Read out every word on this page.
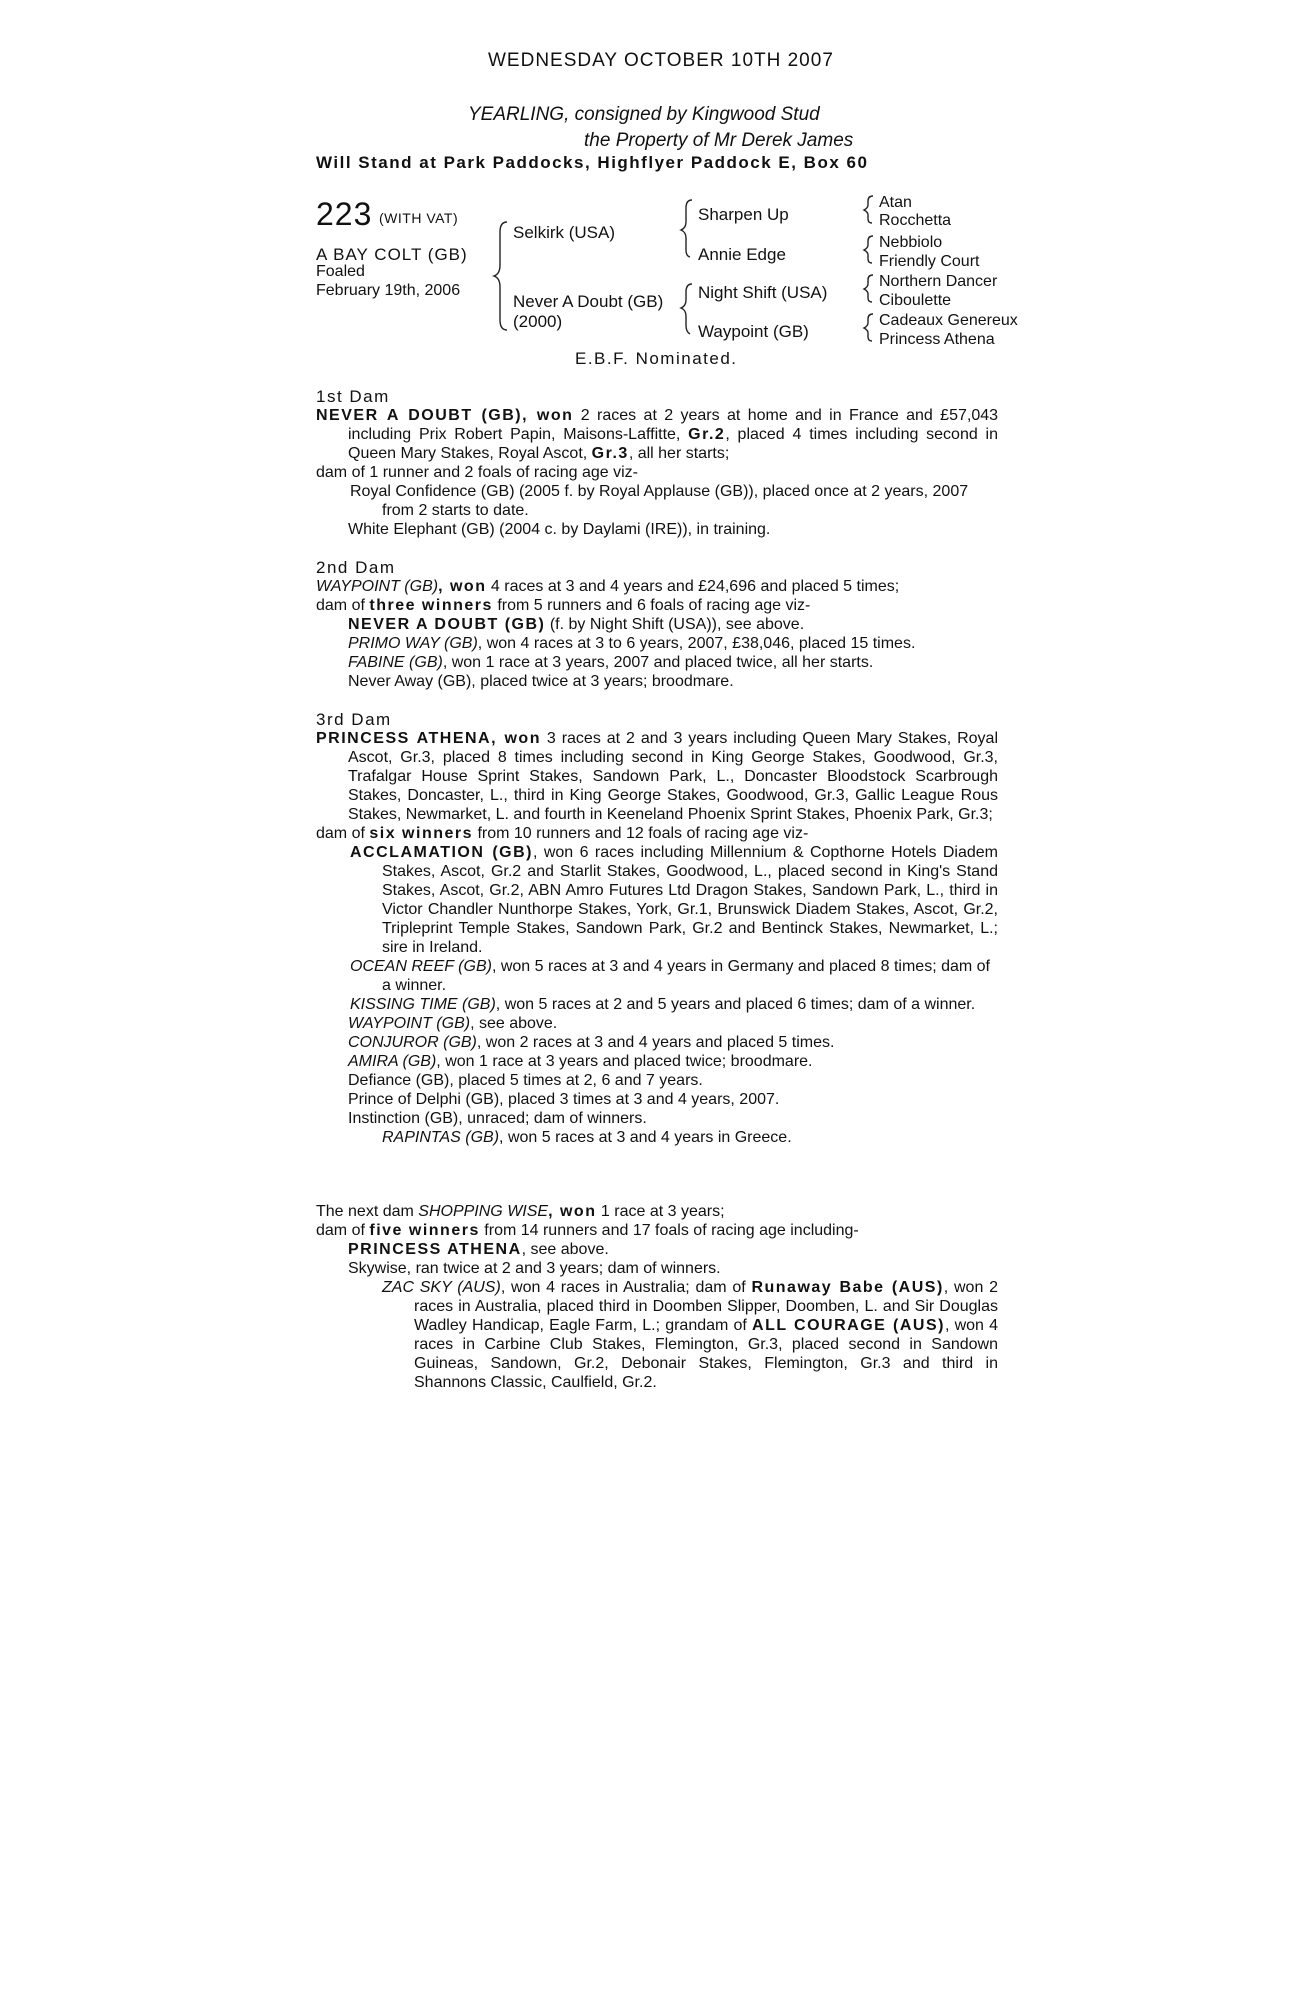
WEDNESDAY OCTOBER 10TH 2007
YEARLING, consigned by Kingwood Stud
the Property of Mr Derek James
Will Stand at Park Paddocks, Highflyer Paddock E, Box 60
223 (WITH VAT)
A BAY COLT (GB)
Foaled
February 19th, 2006
Selkirk (USA)
Never A Doubt (GB)
(2000)
Sharpen Up
Annie Edge
Night Shift (USA)
Waypoint (GB)
Atan
Rocchetta
Nebbiolo
Friendly Court
Northern Dancer
Ciboulette
Cadeaux Genereux
Princess Athena
E.B.F. Nominated.

1st Dam

NEVER A DOUBT (GB), won 2 races at 2 years at home and in France and £57,043 including Prix Robert Papin, Maisons-Laffitte, Gr.2, placed 4 times including second in Queen Mary Stakes, Royal Ascot, Gr.3, all her starts;

dam of 1 runner and 2 foals of racing age viz-

Royal Confidence (GB) (2005 f. by Royal Applause (GB)), placed once at 2 years, 2007 from 2 starts to date.

White Elephant (GB) (2004 c. by Daylami (IRE)), in training.

2nd Dam

WAYPOINT (GB), won 4 races at 3 and 4 years and £24,696 and placed 5 times;

dam of three winners from 5 runners and 6 foals of racing age viz-

NEVER A DOUBT (GB) (f. by Night Shift (USA)), see above.

PRIMO WAY (GB), won 4 races at 3 to 6 years, 2007, £38,046, placed 15 times.

FABINE (GB), won 1 race at 3 years, 2007 and placed twice, all her starts.

Never Away (GB), placed twice at 3 years; broodmare.

3rd Dam

PRINCESS ATHENA, won 3 races at 2 and 3 years including Queen Mary Stakes, Royal Ascot, Gr.3, placed 8 times including second in King George Stakes, Goodwood, Gr.3, Trafalgar House Sprint Stakes, Sandown Park, L., Doncaster Bloodstock Scarbrough Stakes, Doncaster, L., third in King George Stakes, Goodwood, Gr.3, Gallic League Rous Stakes, Newmarket, L. and fourth in Keeneland Phoenix Sprint Stakes, Phoenix Park, Gr.3;

dam of six winners from 10 runners and 12 foals of racing age viz-

ACCLAMATION (GB), won 6 races including Millennium & Copthorne Hotels Diadem Stakes, Ascot, Gr.2 and Starlit Stakes, Goodwood, L., placed second in King's Stand Stakes, Ascot, Gr.2, ABN Amro Futures Ltd Dragon Stakes, Sandown Park, L., third in Victor Chandler Nunthorpe Stakes, York, Gr.1, Brunswick Diadem Stakes, Ascot, Gr.2, Tripleprint Temple Stakes, Sandown Park, Gr.2 and Bentinck Stakes, Newmarket, L.; sire in Ireland.

OCEAN REEF (GB), won 5 races at 3 and 4 years in Germany and placed 8 times; dam of a winner.

KISSING TIME (GB), won 5 races at 2 and 5 years and placed 6 times; dam of a winner.

WAYPOINT (GB), see above.

CONJUROR (GB), won 2 races at 3 and 4 years and placed 5 times.

AMIRA (GB), won 1 race at 3 years and placed twice; broodmare.

Defiance (GB), placed 5 times at 2, 6 and 7 years.

Prince of Delphi (GB), placed 3 times at 3 and 4 years, 2007.

Instinction (GB), unraced; dam of winners.

RAPINTAS (GB), won 5 races at 3 and 4 years in Greece.

The next dam SHOPPING WISE, won 1 race at 3 years;

dam of five winners from 14 runners and 17 foals of racing age including-

PRINCESS ATHENA, see above.

Skywise, ran twice at 2 and 3 years; dam of winners.

ZAC SKY (AUS), won 4 races in Australia; dam of Runaway Babe (AUS), won 2 races in Australia, placed third in Doomben Slipper, Doomben, L. and Sir Douglas Wadley Handicap, Eagle Farm, L.; grandam of ALL COURAGE (AUS), won 4 races in Carbine Club Stakes, Flemington, Gr.3, placed second in Sandown Guineas, Sandown, Gr.2, Debonair Stakes, Flemington, Gr.3 and third in Shannons Classic, Caulfield, Gr.2.
